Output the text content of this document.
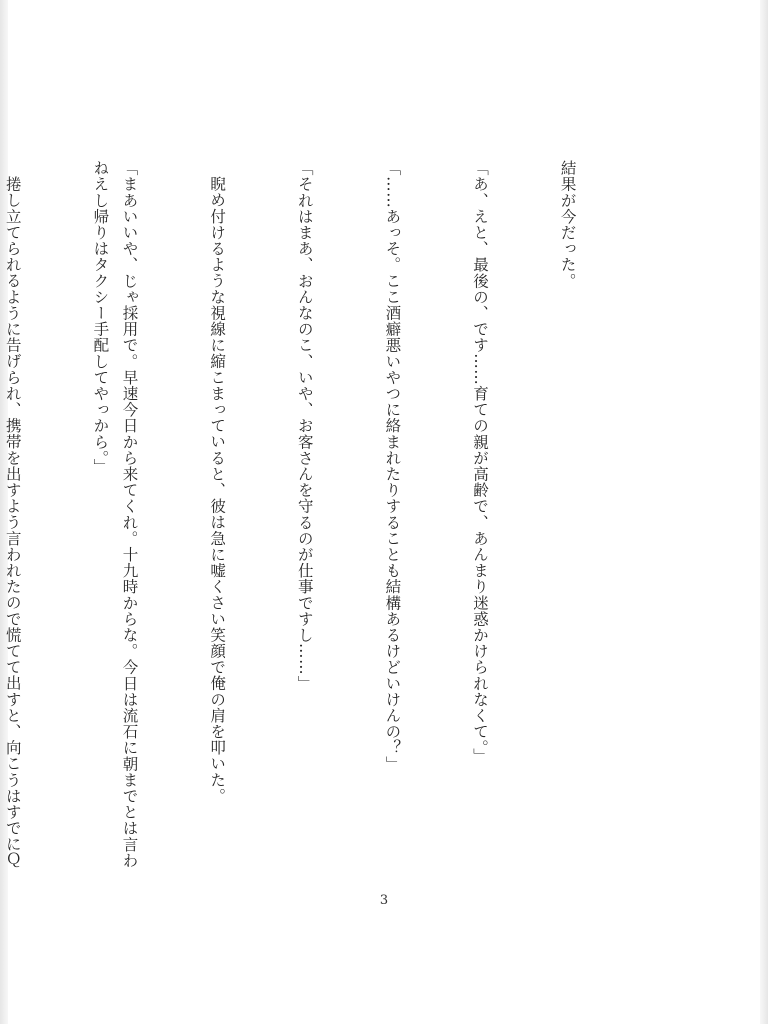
結果が今だった。

「あ、えと、最後の、です……育ての親が高齢で、あんまり迷惑かけられなくて。」

「……あっそ。ここ酒癖悪いやつに絡まれたりすることも結構あるけどいけんの？」

「それはまあ、おんなのこ、いや、お客さんを守るのが仕事ですし……」

睨め付けるような視線に縮こまっていると、彼は急に嘘くさい笑顔で俺の肩を叩いた。

「まあいいや、じゃ採用で。早速今日から来てくれ。十九時からな。今日は流石に朝までとは言わねえし帰りはタクシー手配してやっから。」

捲し立てられるように告げられ、携帯を出すよう言われたので慌てて出すと、向こうはすでにＱ

3
